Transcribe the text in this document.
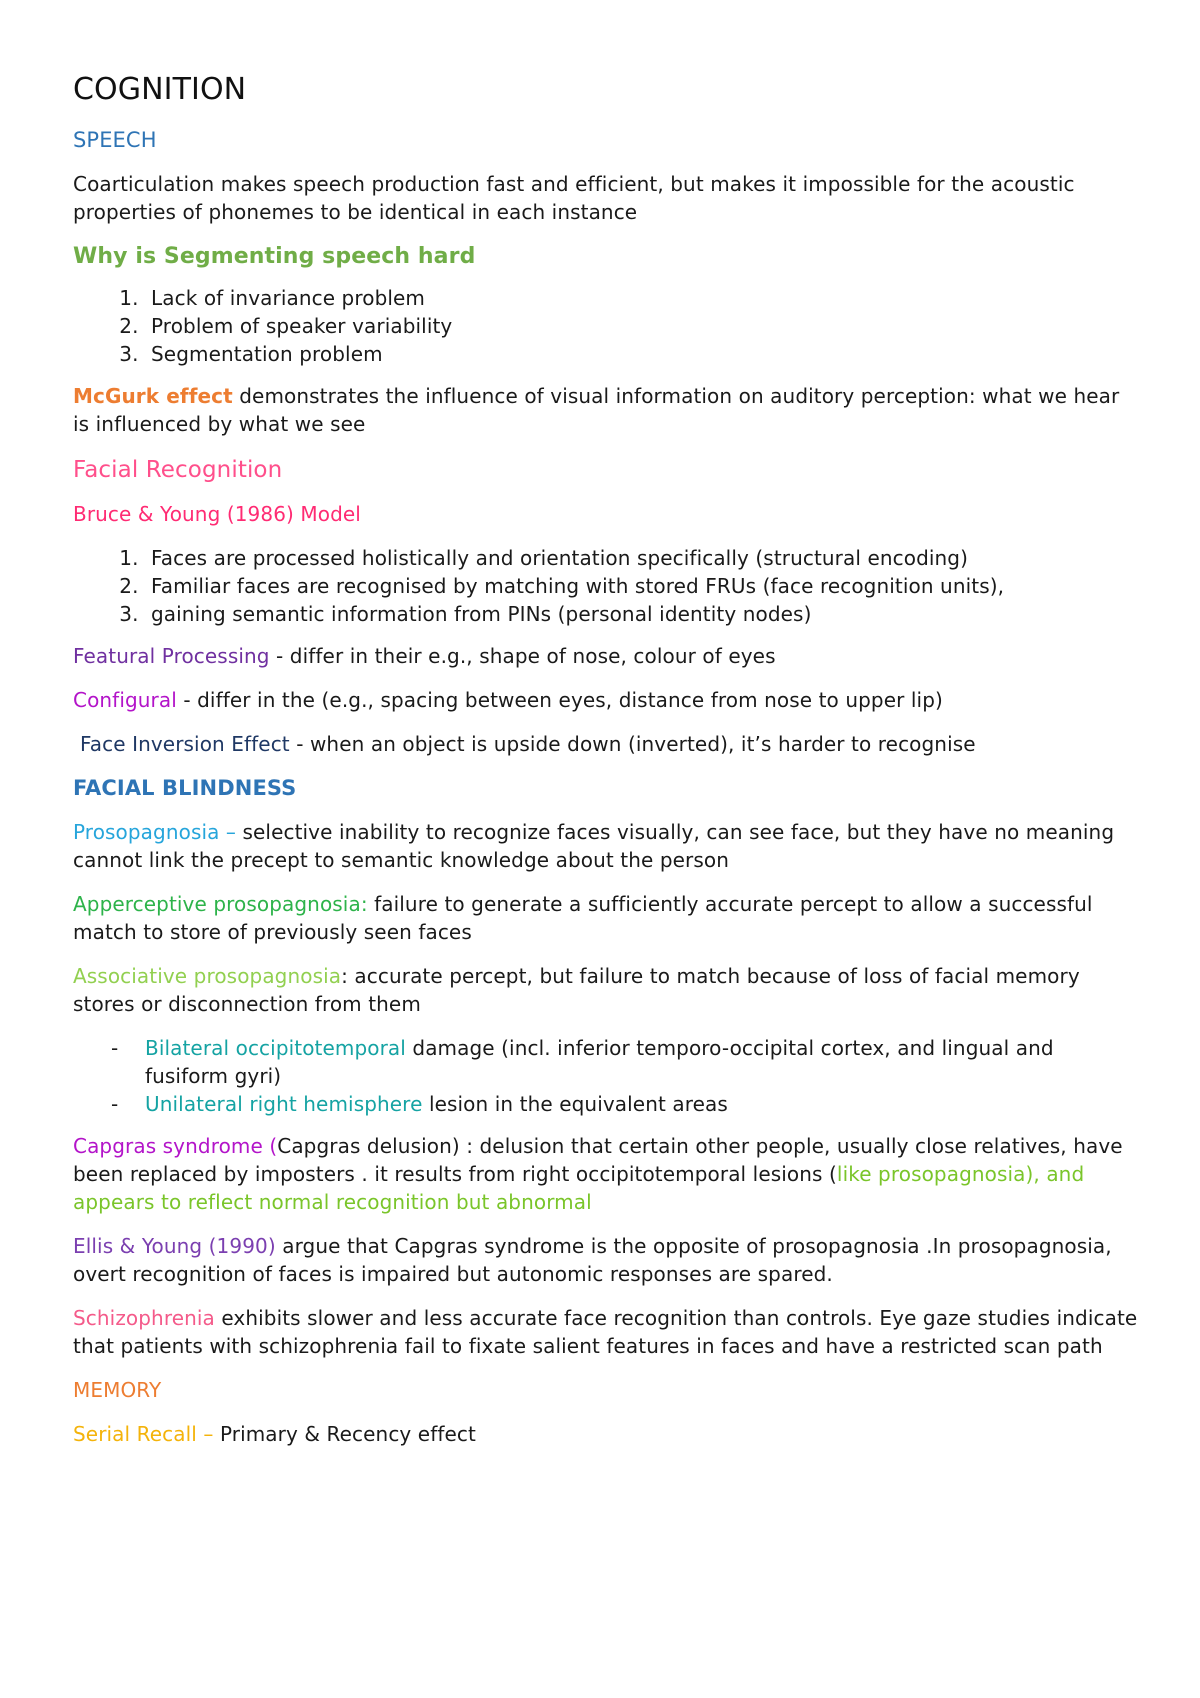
COGNITION
SPEECH

Coarticulation makes speech production fast and efficient, but makes it impossible for the acoustic properties of phonemes to be identical in each instance

Why is Segmenting speech hard
1. Lack of invariance problem
2. Problem of speaker variability
3. Segmentation problem

McGurk effect demonstrates the influence of visual information on auditory perception: what we hear is influenced by what we see

Facial Recognition

Bruce & Young (1986) Model

1. Faces are processed holistically and orientation specifically (structural encoding)
2. Familiar faces are recognised by matching with stored FRUs (face recognition units),
3. gaining semantic information from PINs (personal identity nodes)

Featural Processing - differ in their e.g., shape of nose, colour of eyes

Configural - differ in the (e.g., spacing between eyes, distance from nose to upper lip)

Face Inversion Effect - when an object is upside down (inverted), it’s harder to recognise

FACIAL BLINDNESS

Prosopagnosia – selective inability to recognize faces visually, can see face, but they have no meaning cannot link the precept to semantic knowledge about the person

Apperceptive prosopagnosia: failure to generate a sufficiently accurate percept to allow a successful match to store of previously seen faces

Associative prosopagnosia: accurate percept, but failure to match because of loss of facial memory stores or disconnection from them

- Bilateral occipitotemporal damage (incl. inferior temporo-occipital cortex, and lingual and fusiform gyri)
- Unilateral right hemisphere lesion in the equivalent areas

Capgras syndrome (Capgras delusion) : delusion that certain other people, usually close relatives, have been replaced by imposters . it results from right occipitotemporal lesions (like prosopagnosia), and appears to reflect normal recognition but abnormal

Ellis & Young (1990) argue that Capgras syndrome is the opposite of prosopagnosia .In prosopagnosia, overt recognition of faces is impaired but autonomic responses are spared.

Schizophrenia exhibits slower and less accurate face recognition than controls. Eye gaze studies indicate that patients with schizophrenia fail to fixate salient features in faces and have a restricted scan path

MEMORY

Serial Recall – Primary & Recency effect
